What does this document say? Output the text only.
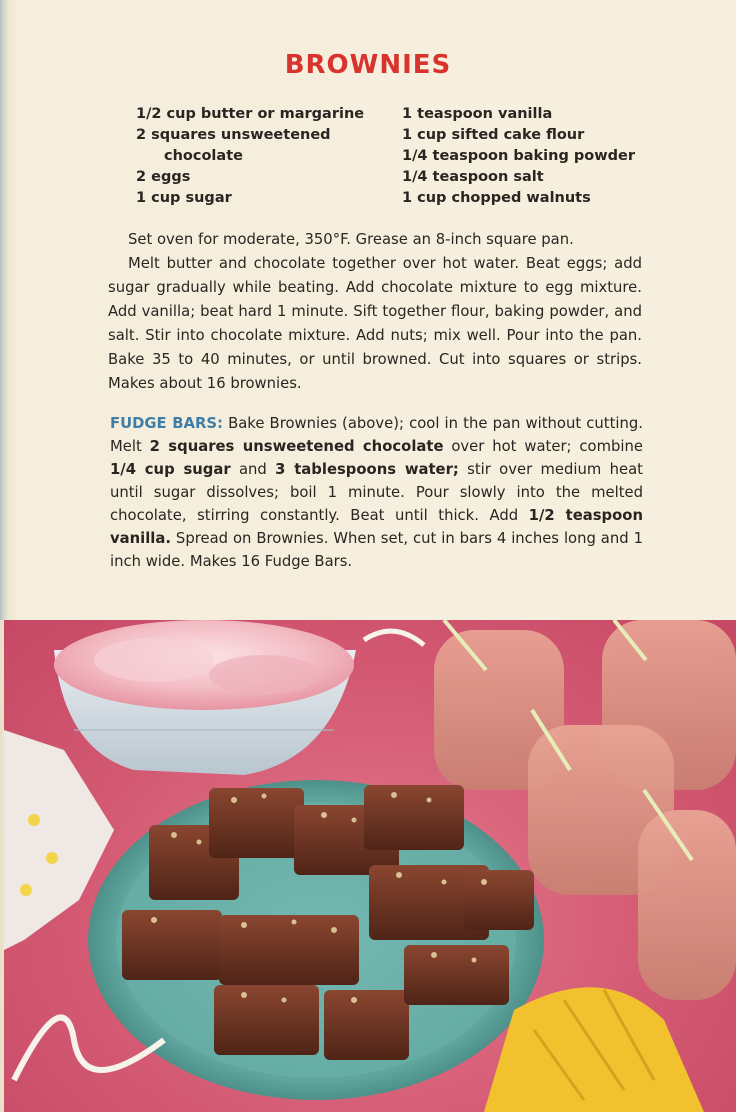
BROWNIES
1/2 cup butter or margarine
2 squares unsweetened
chocolate
2 eggs
1 cup sugar
1 teaspoon vanilla
1 cup sifted cake flour
1/4 teaspoon baking powder
1/4 teaspoon salt
1 cup chopped walnuts

Set oven for moderate, 350°F. Grease an 8-inch square pan.

Melt butter and chocolate together over hot water. Beat eggs; add sugar gradually while beating. Add chocolate mixture to egg mixture. Add vanilla; beat hard 1 minute. Sift together flour, baking powder, and salt. Stir into chocolate mixture. Add nuts; mix well. Pour into the pan. Bake 35 to 40 minutes, or until browned. Cut into squares or strips. Makes about 16 brownies.

FUDGE BARS: Bake Brownies (above); cool in the pan without cutting. Melt 2 squares unsweetened chocolate over hot water; combine 1/4 cup sugar and 3 tablespoons water; stir over medium heat until sugar dissolves; boil 1 minute. Pour slowly into the melted chocolate, stirring constantly. Beat until thick. Add 1/2 teaspoon vanilla. Spread on Brownies. When set, cut in bars 4 inches long and 1 inch wide. Makes 16 Fudge Bars.
